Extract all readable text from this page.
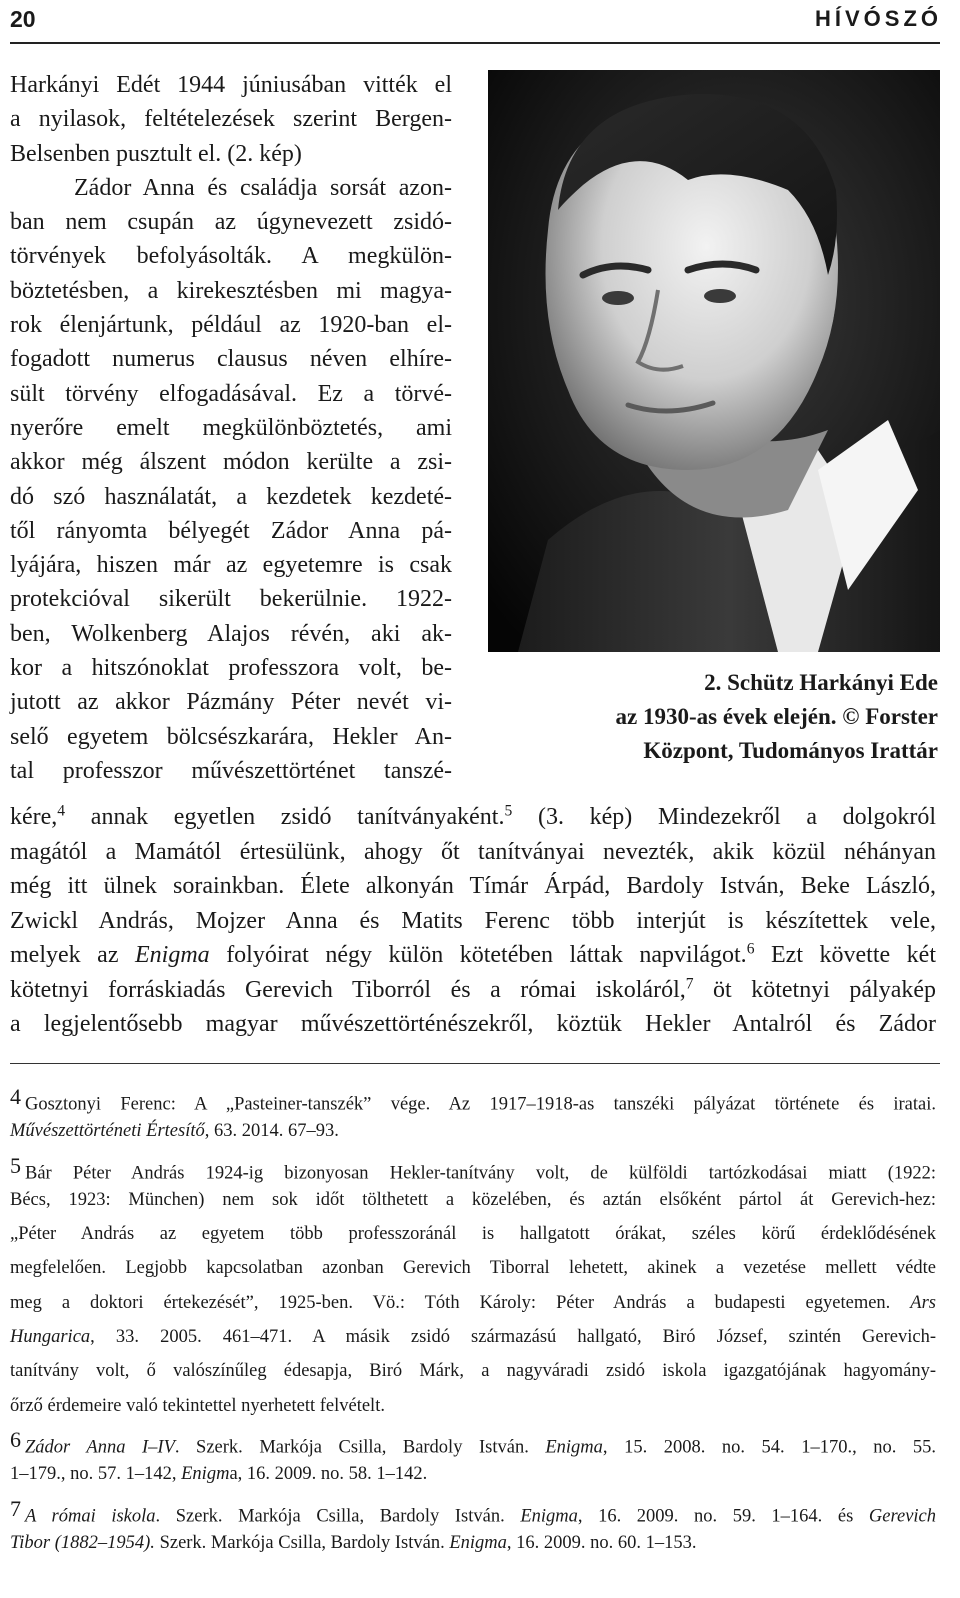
20	HÍVÓSZÓ
Harkányi Edét 1944 júniusában vitték el
a nyilasok, feltételezések szerint Bergen-
Belsenben pusztult el. (2. kép)
Zádor Anna és családja sorsát azon-
ban nem csupán az úgynevezett zsidó-
törvények befolyásolták. A megkülön-
böztetésben, a kirekesztésben mi magya-
rok élenjártunk, például az 1920-ban el-
fogadott numerus clausus néven elhíre-
sült törvény elfogadásával. Ez a törvé-
nyerőre emelt megkülönböztetés, ami
akkor még álszent módon kerülte a zsi-
dó szó használatát, a kezdetek kezdeté-
től rányomta bélyegét Zádor Anna pá-
lyájára, hiszen már az egyetemre is csak
protekcióval sikerült bekerülnie. 1922-
ben, Wolkenberg Alajos révén, aki ak-
kor a hitszónoklat professzora volt, be-
jutott az akkor Pázmány Péter nevét vi-
selő egyetem bölcsészkarára, Hekler An-
tal professzor művészettörténet tanszé-
2. Schütz Harkányi Ede
az 1930-as évek elején. © Forster
Központ, Tudományos Irattár
kére,$^4$ annak egyetlen zsidó tanítványaként.$^5$ (3. kép) Mindezekről a dolgokról
magától a Mamától értesülünk, ahogy őt tanítványai nevezték, akik közül néhányan
még itt ülnek sorainkban. Élete alkonyán Tímár Árpád, Bardoly István, Beke László,
Zwickl András, Mojzer Anna és Matits Ferenc több interjút is készítettek vele,
melyek az Enigma folyóirat négy külön kötetében láttak napvilágot.$^6$ Ezt követte két
kötetnyi forráskiadás Gerevich Tiborról és a római iskoláról,$^7$ öt kötetnyi pályakép
a legjelentősebb magyar művészettörténészekről, köztük Hekler Antalról és Zádor
4 Gosztonyi Ferenc: A „Pasteiner-tanszék” vége. Az 1917–1918-as tanszéki pályázat története és iratai.
Művészettörténeti Értesítő, 63. 2014. 67–93.
5 Bár Péter András 1924-ig bizonyosan Hekler-tanítvány volt, de külföldi tartózkodásai miatt (1922:
Bécs, 1923: München) nem sok időt tölthetett a közelében, és aztán elsőként pártol át Gerevich-hez:
„Péter András az egyetem több professzoránál is hallgatott órákat, széles körű érdeklődésének
megfelelően. Legjobb kapcsolatban azonban Gerevich Tiborral lehetett, akinek a vezetése mellett védte
meg a doktori értekezését”, 1925-ben. Vö.: Tóth Károly: Péter András a budapesti egyetemen. Ars
Hungarica, 33. 2005. 461–471. A másik zsidó származású hallgató, Biró József, szintén Gerevich-
tanítvány volt, ő valószínűleg édesapja, Biró Márk, a nagyváradi zsidó iskola igazgatójának hagyomány-
őrző érdemeire való tekintettel nyerhetett felvételt.
6 Zádor Anna I–IV. Szerk. Markója Csilla, Bardoly István. Enigma, 15. 2008. no. 54. 1–170., no. 55.
1–179., no. 57. 1–142, Enigma, 16. 2009. no. 58. 1–142.
7 A római iskola. Szerk. Markója Csilla, Bardoly István. Enigma, 16. 2009. no. 59. 1–164. és Gerevich
Tibor (1882–1954). Szerk. Markója Csilla, Bardoly István. Enigma, 16. 2009. no. 60. 1–153.
